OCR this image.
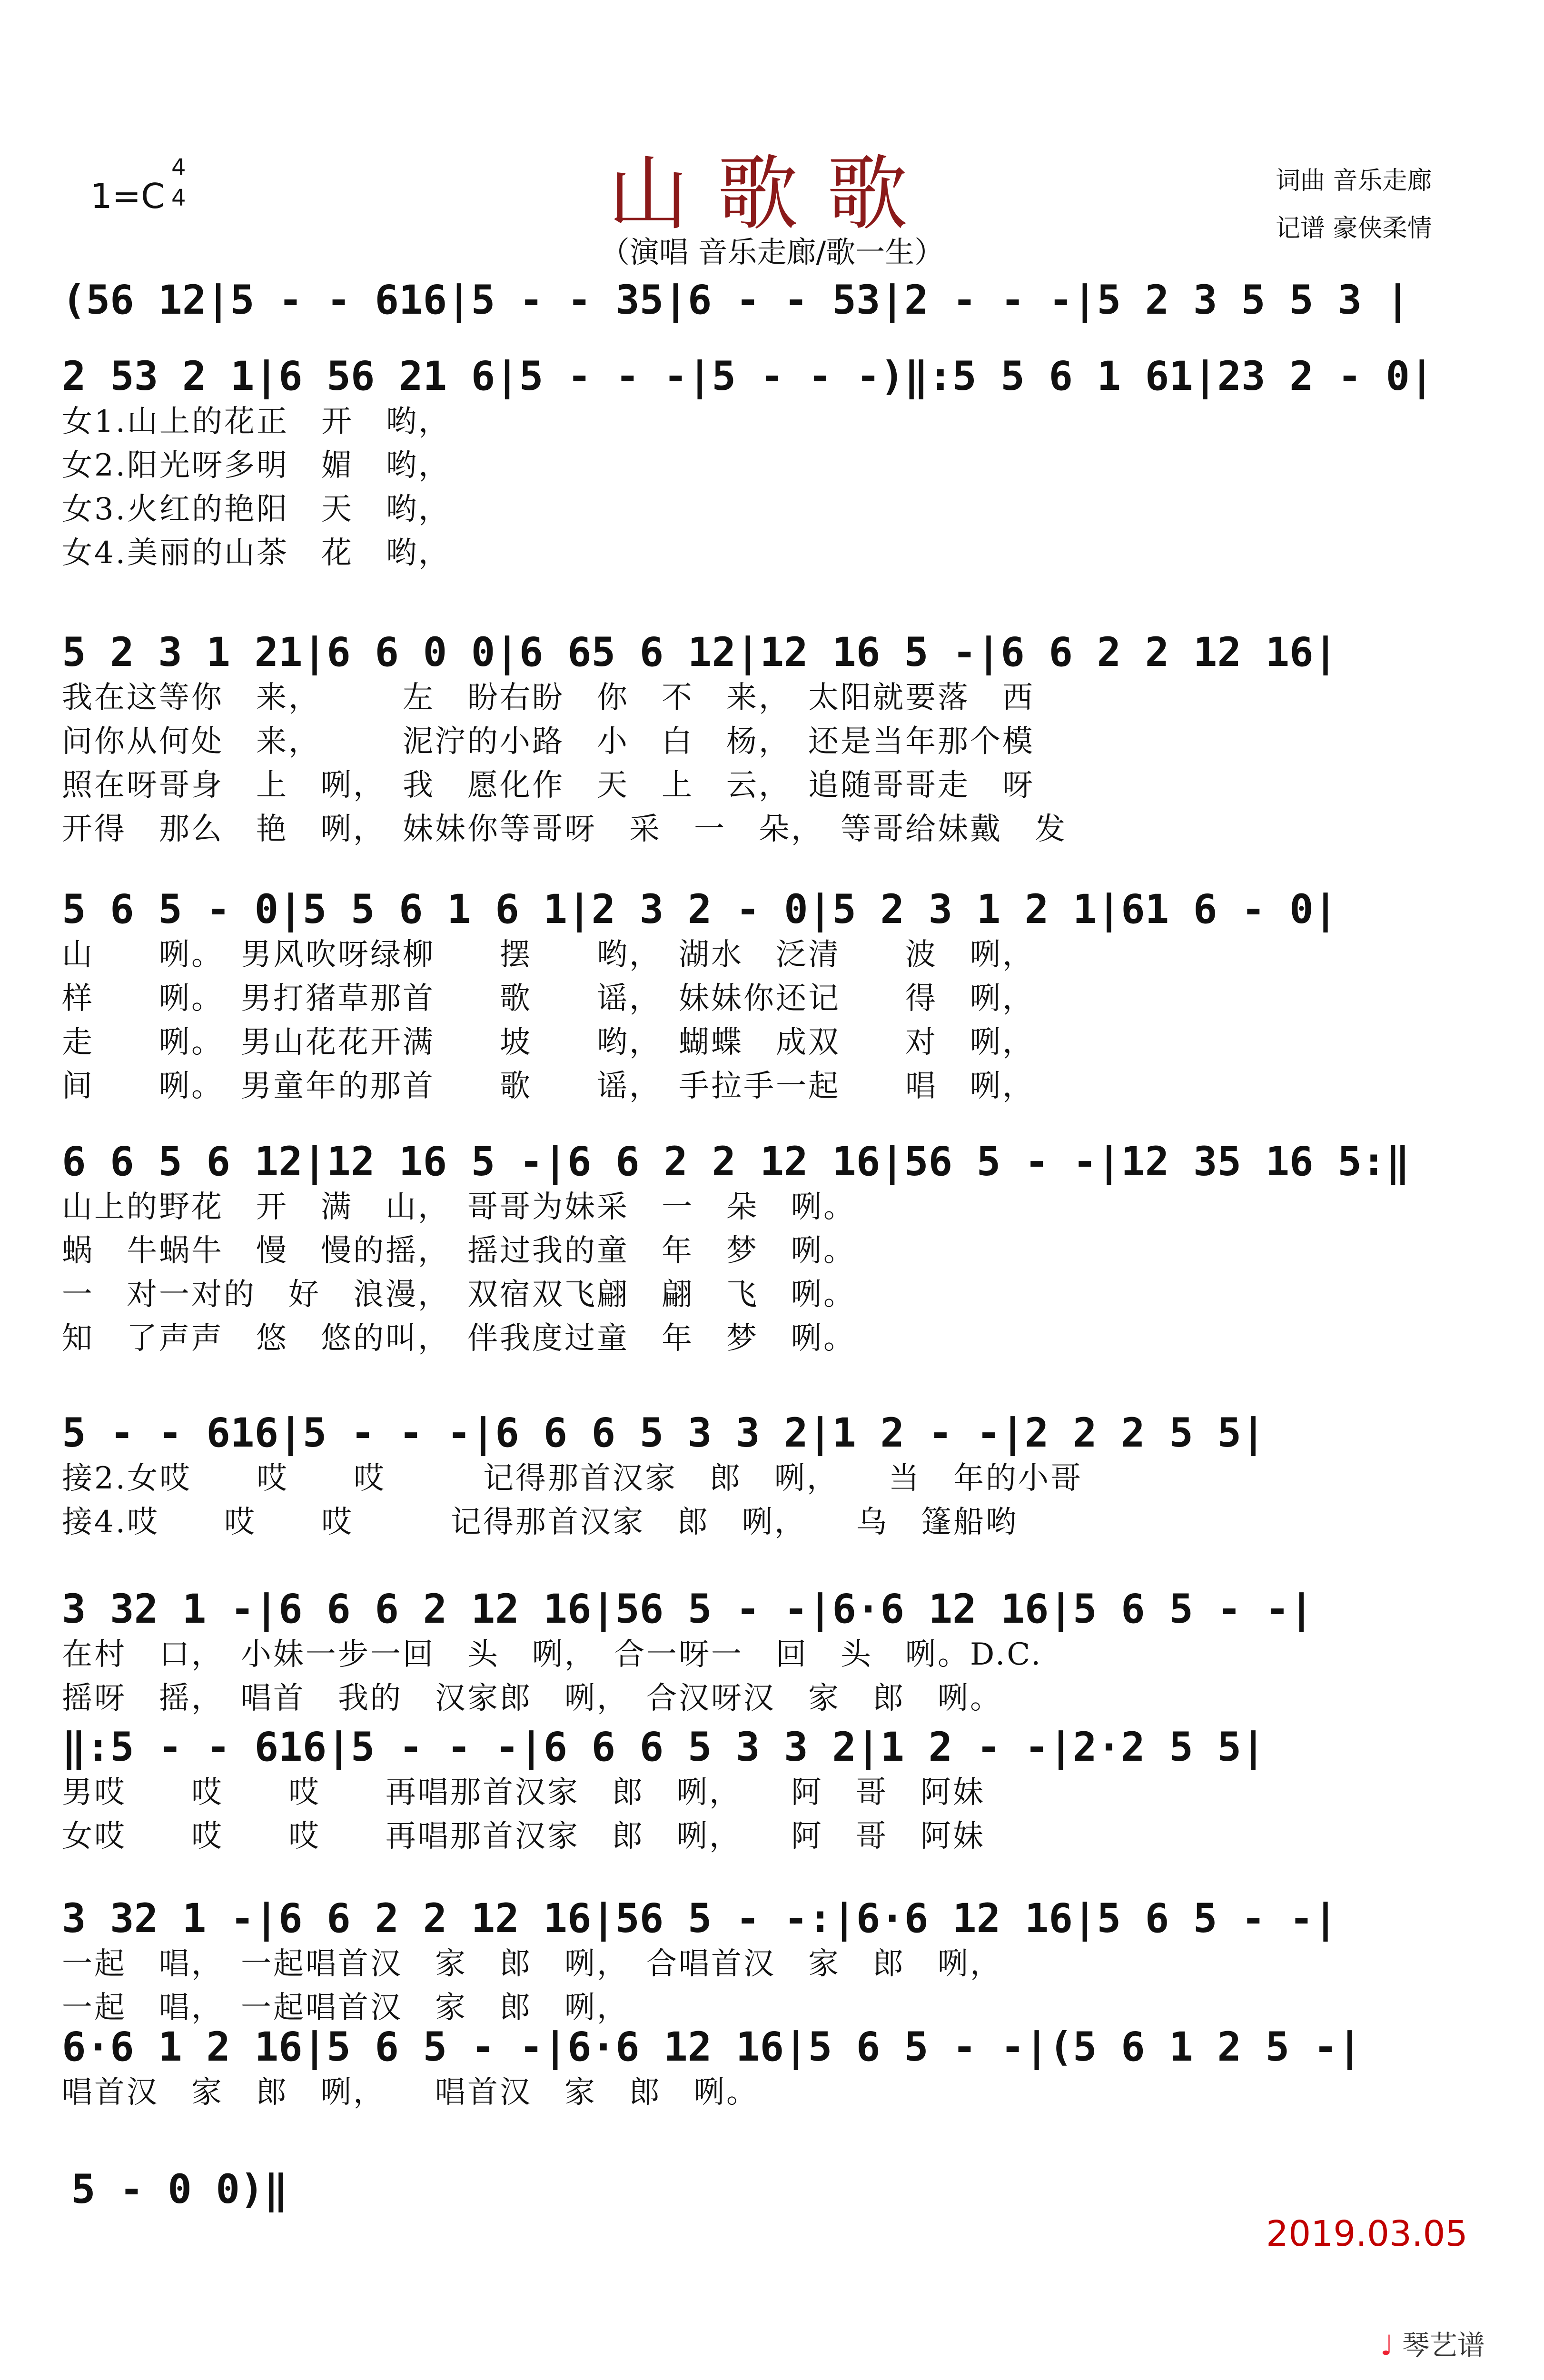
1=C
4
4	山歌歌
（演唱 音乐走廊/歌一生）
词曲 音乐走廊
记谱 豪侠柔情
(56 12|5 - - 616|5 - - 35|6 - - 53|2 - - -|5 2 3 5 5 3 |
2 53 2 1|6 56 21 6|5 - - -|5 - - -)‖:5 5 6 1 61|23 2 - 0|
女1.山上的花正　开　哟，
女2.阳光呀多明　媚　哟，
女3.火红的艳阳　天　哟，
女4.美丽的山茶　花　哟，
5 2 3 1 21|6 6 0 0|6 65 6 12|12 16 5 -|6 6 2 2 12 16|
我在这等你　来，　　　左　盼右盼　你　不　来，　太阳就要落　西
问你从何处　来，　　　泥泞的小路　小　白　杨，　还是当年那个模
照在呀哥身　上　咧，　我　愿化作　天　上　云，　追随哥哥走　呀
开得　那么　艳　咧，　妹妹你等哥呀　采　一　朵，　等哥给妹戴　发
5 6 5 - 0|5 5 6 1 6 1|2 3 2 - 0|5 2 3 1 2 1|61 6 - 0|
山　　咧。　男风吹呀绿柳　　摆　　哟，　湖水　泛清　　波　咧，
样　　咧。　男打猪草那首　　歌　　谣，　妹妹你还记　　得　咧，
走　　咧。　男山花花开满　　坡　　哟，　蝴蝶　成双　　对　咧，
间　　咧。　男童年的那首　　歌　　谣，　手拉手一起　　唱　咧，
6 6 5 6 12|12 16 5 -|6 6 2 2 12 16|56 5 - -|12 35 16 5:‖
山上的野花　开　满　山，　哥哥为妹采　一　朵　咧。
蜗　牛蜗牛　慢　慢的摇，　摇过我的童　年　梦　咧。
一　对一对的　好　浪漫，　双宿双飞翩　翩　飞　咧。
知　了声声　悠　悠的叫，　伴我度过童　年　梦　咧。
5 - - 616|5 - - -|6 6 6 5 3 3 2|1 2 - -|2 2 2 5 5|
接2.女哎　　哎　　哎　　　记得那首汉家　郎　咧，　　当　年的小哥
接4.哎　　哎　　哎　　　记得那首汉家　郎　咧，　　乌　篷船哟
3 32 1 -|6 6 6 2 12 16|56 5 - -|6·6 12 16|5 6 5 - -|
在村　口，　小妹一步一回　头　咧，　合一呀一　回　头　咧。D.C.
摇呀　摇，　唱首　我的　汉家郎　咧，　合汉呀汉　家　郎　咧。
‖:5 - - 616|5 - - -|6 6 6 5 3 3 2|1 2 - -|2·2 5 5|
男哎　　哎　　哎　　再唱那首汉家　郎　咧，　　阿　哥　阿妹
女哎　　哎　　哎　　再唱那首汉家　郎　咧，　　阿　哥　阿妹
3 32 1 -|6 6 2 2 12 16|56 5 - -:|6·6 12 16|5 6 5 - -|
一起　唱，　一起唱首汉　家　郎　咧，　合唱首汉　家　郎　咧，
一起　唱，　一起唱首汉　家　郎　咧，
6·6 1 2 16|5 6 5 - -|6·6 12 16|5 6 5 - -|(5 6 1 2 5 -|
唱首汉　家　郎　咧，　　唱首汉　家　郎　咧。
5 - 0 0)‖
2019.03.05
♩ 琴艺谱
